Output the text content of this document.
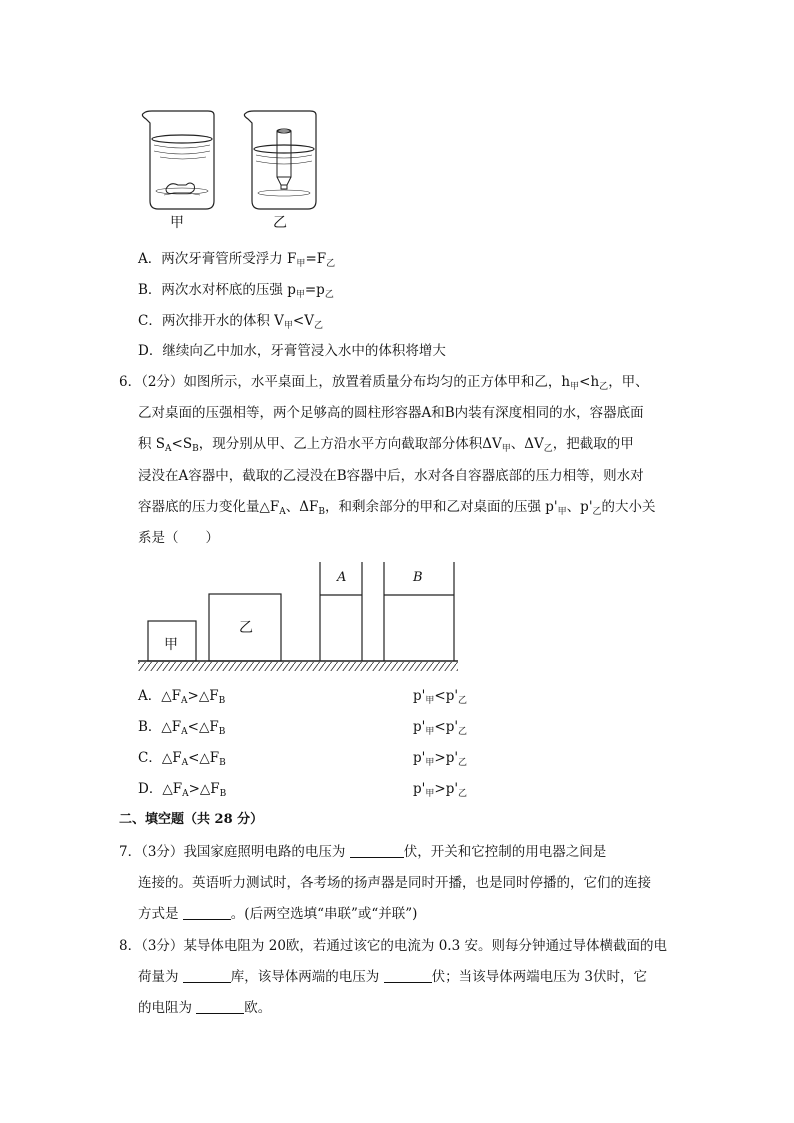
甲	乙
A．两次牙膏管所受浮力 $F_甲=F_乙$
B．两次水对杯底的压强 $p_甲=p_乙$
C．两次排开水的体积 $V_甲<V_乙$
D．继续向乙中加水，牙膏管浸入水中的体积将增大
6．（2分）如图所示，水平桌面上，放置着质量分布均匀的正方体甲和乙，$h_甲<h_乙$，甲、
乙对桌面的压强相等，两个足够高的圆柱形容器A和B内装有深度相同的水，容器底面
积 $S_A<S_B$，现分别从甲、乙上方沿水平方向截取部分体积$\Delta V_甲$、$\Delta V_乙$，把截取的甲
浸没在A容器中，截取的乙浸没在B容器中后，水对各自容器底部的压力相等，则水对
容器底的压力变化量$\triangle F_A$、$\Delta F_B$，和剩余部分的甲和乙对桌面的压强 $p'_甲$、$p'_乙$的大小关
系是（　　）
甲
乙
A	B
A．$\triangle F_A>\triangle F_B$	$p'_甲<p'_乙$
B．$\triangle F_A<\triangle F_B$	$p'_甲<p'_乙$
C．$\triangle F_A<\triangle F_B$	$p'_甲>p'_乙$
D．$\triangle F_A>\triangle F_B$	$p'_甲>p'_乙$
二、填空题（共 28 分）
7．（3分）我国家庭照明电路的电压为	伏，开关和它控制的用电器之间是
连接的。英语听力测试时，各考场的扬声器是同时开播，也是同时停播的，它们的连接
方式是	。(后两空选填“串联”或“并联”)
8．（3分）某导体电阻为 20欧，若通过该它的电流为 0.3 安。则每分钟通过导体横截面的电
荷量为	库，该导体两端的电压为	伏；当该导体两端电压为 3伏时，它
的电阻为	欧。
